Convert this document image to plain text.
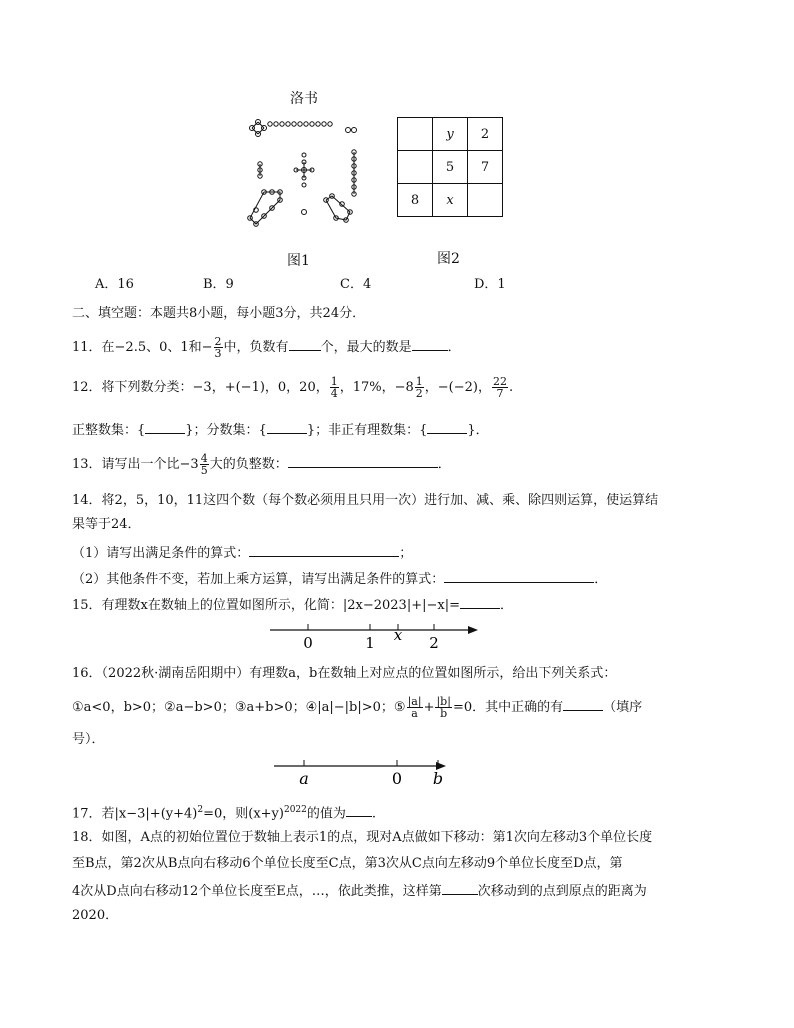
洛书
图1
	y	2
	5	7
8	x	
图2
A．16	B．9	C．4	D．1
二、填空题：本题共8小题，每小题3分，共24分．
11．在−2.5、0、1和− $\frac{2}{3}$ 中，负数有 个，最大的数是	．
12．将下列数分类：−3，+(−1)，0，20， $\frac{1}{4}$ ，17%，$-8 \frac{1}{2}$ ，−(−2)， $\frac{22}{7}$ .
正整数集：{	}；分数集：{	}；非正有理数集：{	}．
13．请写出一个比$-3 \frac{4}{5}$ 大的负整数：	．
14．将2，5，10，11这四个数（每个数必须用且只用一次）进行加、减、乘、除四则运算，使运算结
果等于24．
（1）请写出满足条件的算式：	；
（2）其他条件不变，若加上乘方运算，请写出满足条件的算式：	．
15．有理数x在数轴上的位置如图所示，化简：|2x−2023|+|−x|=	．
0	1 x 2
16．（2022秋·湖南岳阳期中）有理数a，b在数轴上对应点的位置如图所示，给出下列关系式：
①a<0，b>0；②a−b>0；③a+b>0；④|a|−|b|>0；⑤ $\frac{|a|}{a} + \frac{|b|}{b} =0$．其中正确的有	（填序
号）．
a	0 b
17．若$|x-3|+(y+4)^2=0$，则$(x+y)^{2022}$的值为 .
18．如图，A点的初始位置位于数轴上表示1的点，现对A点做如下移动：第1次向左移动3个单位长度
至B点，第2次从B点向右移动6个单位长度至C点，第3次从C点向左移动9个单位长度至D点，第
4次从D点向右移动12个单位长度至E点，…，依此类推，这样第	次移动到的点到原点的距离为
2020．
